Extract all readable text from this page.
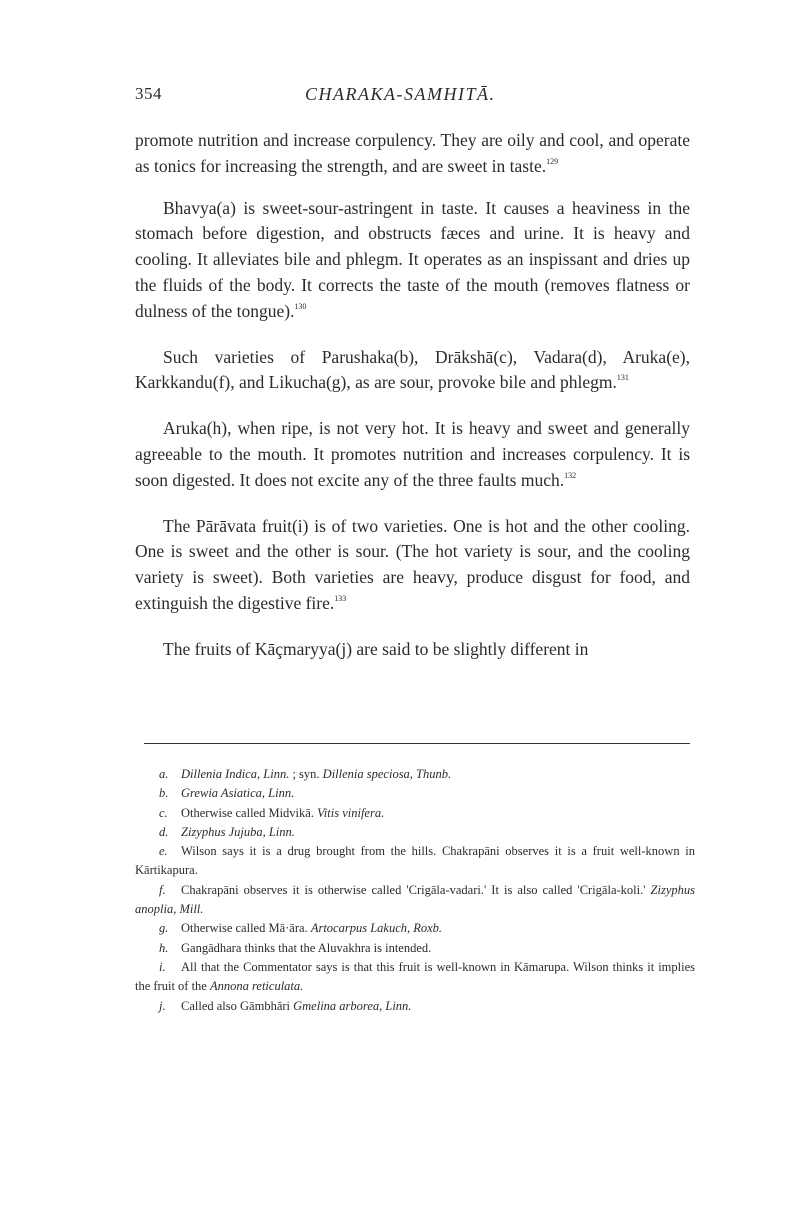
354	CHARAKA-SAMHITĀ.

promote nutrition and increase corpulency. They are oily and cool, and operate as tonics for increasing the strength, and are sweet in taste.$^{129}$

Bhavya(a) is sweet-sour-astringent in taste. It causes a heaviness in the stomach before digestion, and obstructs fæces and urine. It is heavy and cooling. It alleviates bile and phlegm. It operates as an inspissant and dries up the fluids of the body. It corrects the taste of the mouth (removes flatness or dulness of the tongue).$^{130}$

Such varieties of Parushaka(b), Drākshā(c), Vadara(d), Aruka(e), Karkkandu(f), and Likucha(g), as are sour, provoke bile and phlegm.$^{131}$

Aruka(h), when ripe, is not very hot. It is heavy and sweet and generally agreeable to the mouth. It promotes nutrition and increases corpulency. It is soon digested. It does not excite any of the three faults much.$^{132}$

The Pārāvata fruit(i) is of two varieties. One is hot and the other cooling. One is sweet and the other is sour. (The hot variety is sour, and the cooling variety is sweet). Both varieties are heavy, produce disgust for food, and extinguish the digestive fire.$^{133}$

The fruits of Kāçmaryya(j) are said to be slightly different in

a. Dillenia Indica, Linn. ; syn. Dillenia speciosa, Thunb.

b. Grewia Asiatica, Linn.

c. Otherwise called Midvikā. Vitis vinifera.

d. Zizyphus Jujuba, Linn.

e. Wilson says it is a drug brought from the hills. Chakrapāni observes it is a fruit well-known in Kārtikapura.

f. Chakrapāni observes it is otherwise called 'Crigāla-vadari.' It is also called 'Crigāla-koli.' Zizyphus anoplia, Mill.

g. Otherwise called Mā·āra. Artocarpus Lakuch, Roxb.

h. Gangādhara thinks that the Aluvakhra is intended.

i. All that the Commentator says is that this fruit is well-known in Kāmarupa. Wilson thinks it implies the fruit of the Annona reticulata.

j. Called also Gāmbhāri Gmelina arborea, Linn.
